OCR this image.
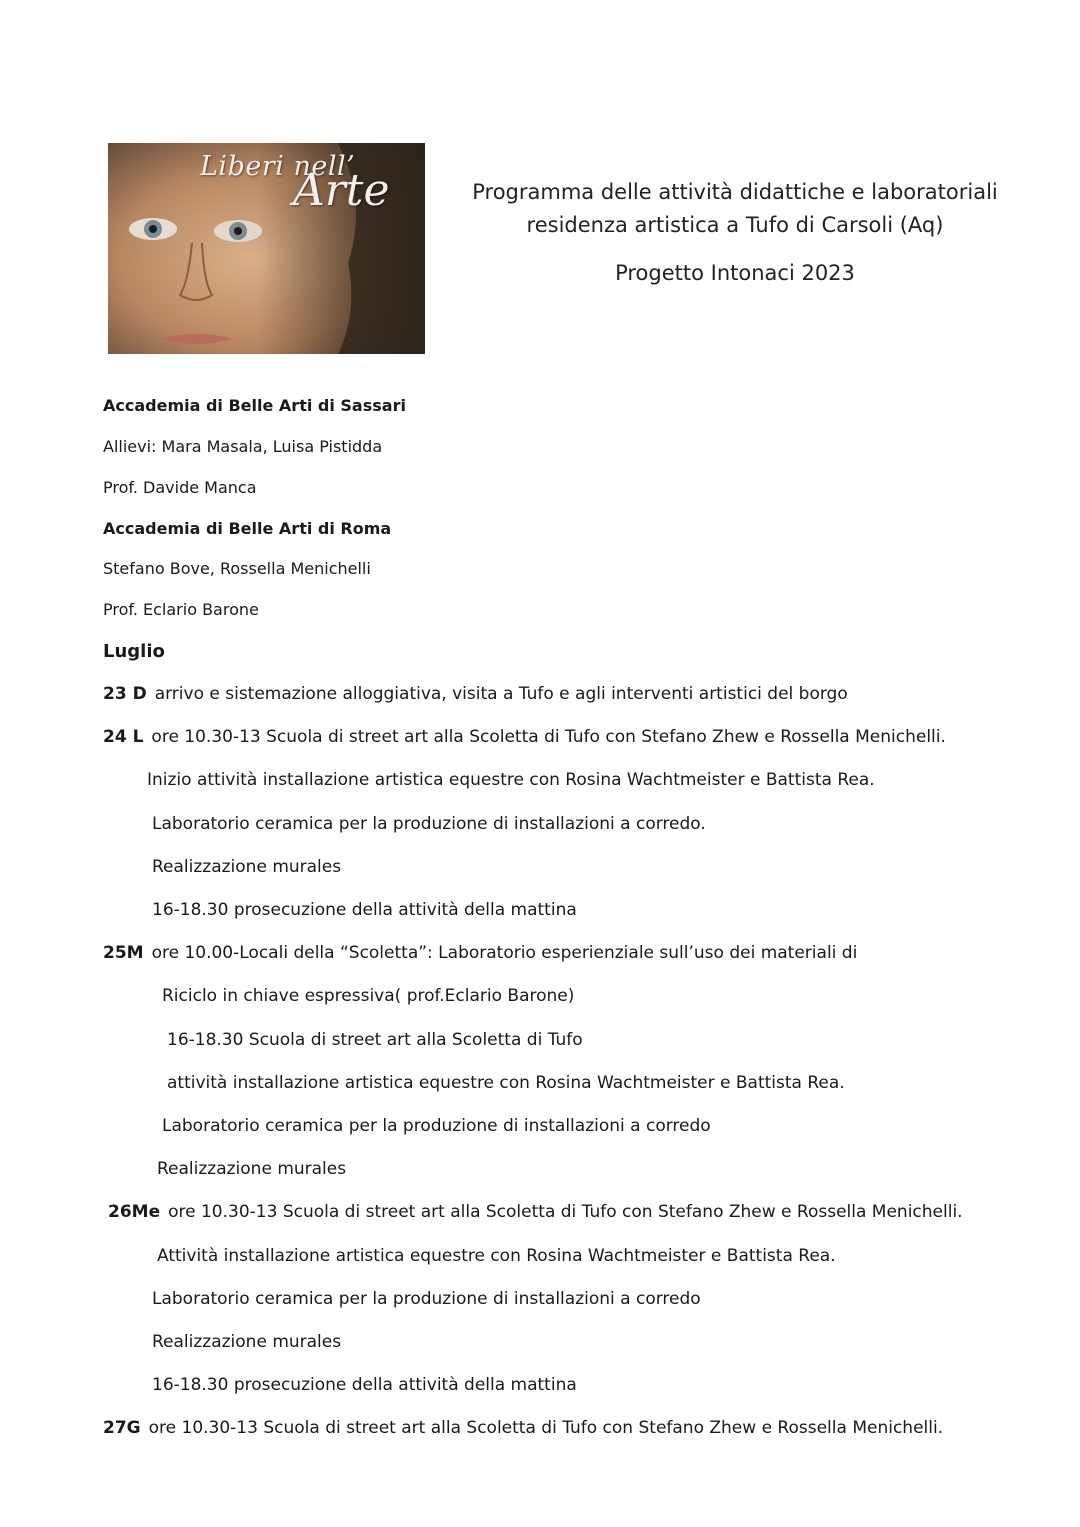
Liberi nell’
Arte	Programma delle attività didattiche e laboratoriali
residenza artistica a Tufo di Carsoli (Aq)
Progetto Intonaci 2023
Accademia di Belle Arti di Sassari
Allievi: Mara Masala, Luisa Pistidda
Prof. Davide Manca
Accademia di Belle Arti di Roma
Stefano Bove, Rossella Menichelli
Prof. Eclario Barone
Luglio
23 D arrivo e sistemazione alloggiativa, visita a Tufo e agli interventi artistici del borgo
24 L ore 10.30-13 Scuola di street art alla Scoletta di Tufo con Stefano Zhew e Rossella Menichelli.
Inizio attività installazione artistica equestre con Rosina Wachtmeister e Battista Rea.
Laboratorio ceramica per la produzione di installazioni a corredo.
Realizzazione murales
16-18.30 prosecuzione della attività della mattina
25M ore 10.00-Locali della “Scoletta”: Laboratorio esperienziale sull’uso dei materiali di
Riciclo in chiave espressiva( prof.Eclario Barone)
16-18.30 Scuola di street art alla Scoletta di Tufo
attività installazione artistica equestre con Rosina Wachtmeister e Battista Rea.
Laboratorio ceramica per la produzione di installazioni a corredo
Realizzazione murales
26Me ore 10.30-13 Scuola di street art alla Scoletta di Tufo con Stefano Zhew e Rossella Menichelli.
Attività installazione artistica equestre con Rosina Wachtmeister e Battista Rea.
Laboratorio ceramica per la produzione di installazioni a corredo
Realizzazione murales
16-18.30 prosecuzione della attività della mattina
27G ore 10.30-13 Scuola di street art alla Scoletta di Tufo con Stefano Zhew e Rossella Menichelli.
